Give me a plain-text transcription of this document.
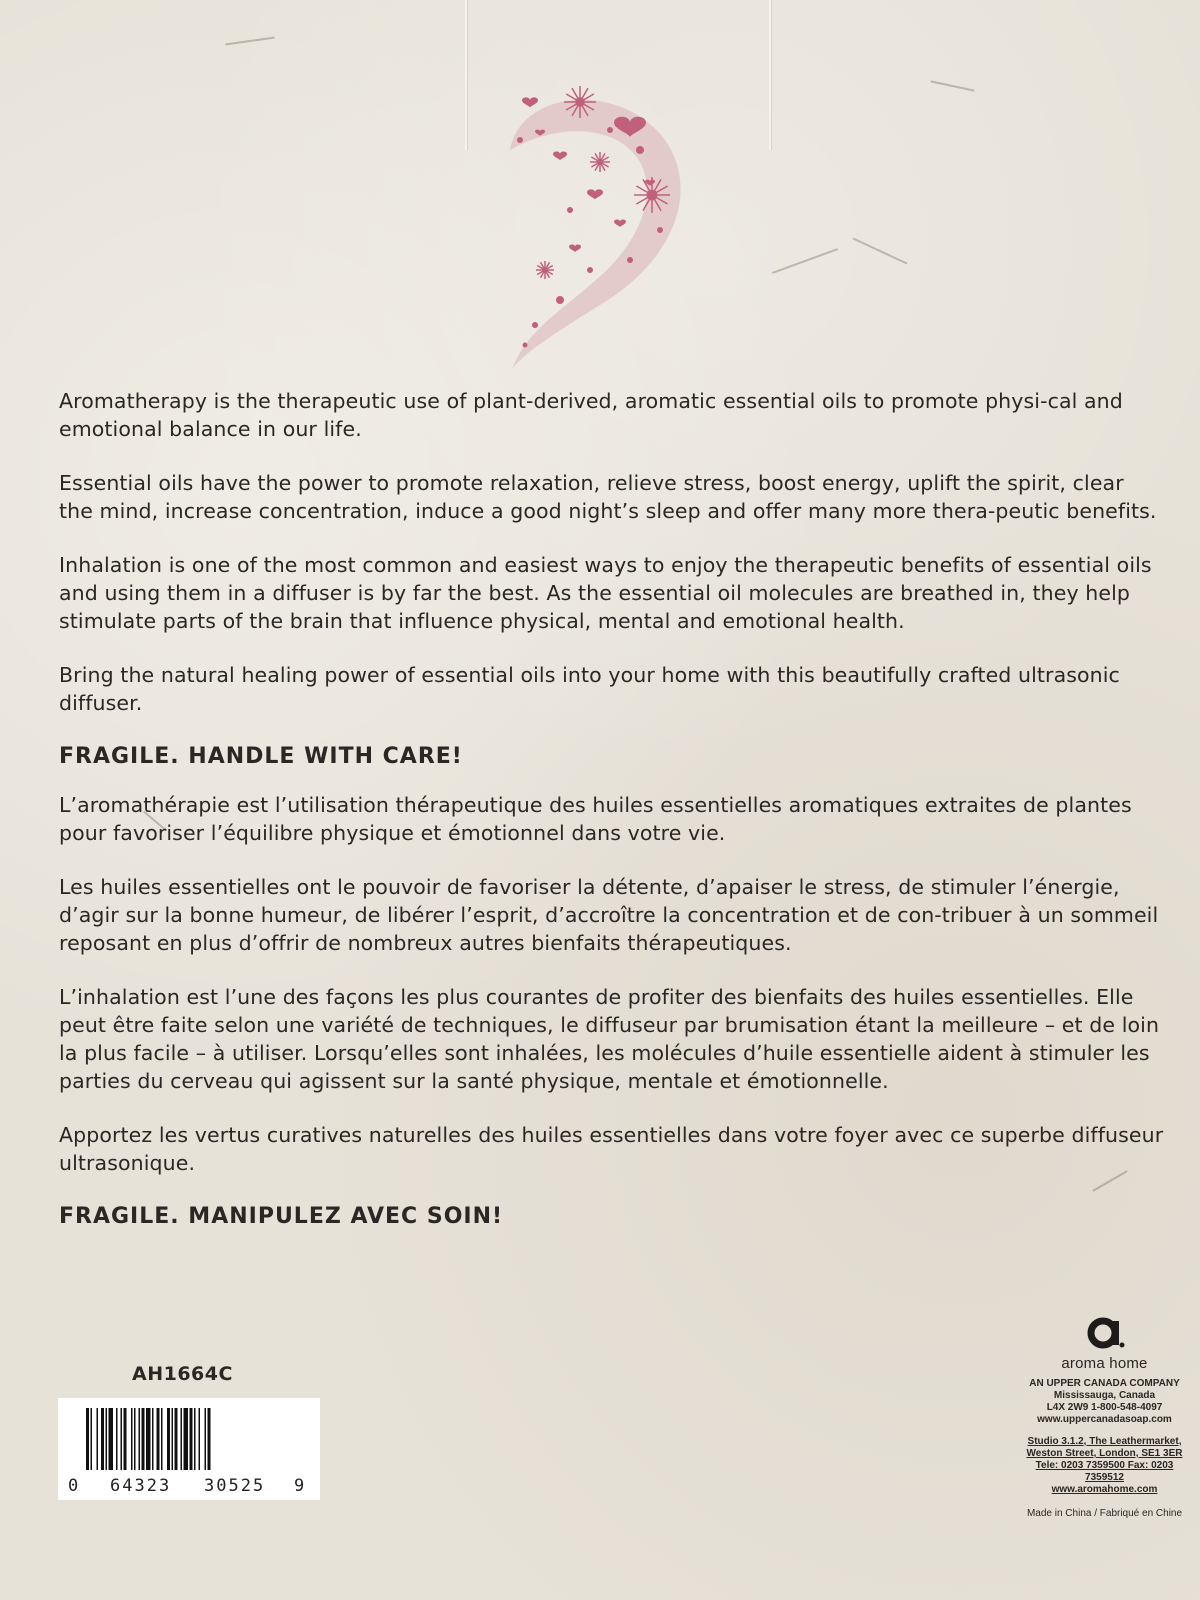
Aromatherapy is the therapeutic use of plant-derived, aromatic essential oils to promote physi-cal and emotional balance in our life.

Essential oils have the power to promote relaxation, relieve stress, boost energy, uplift the spirit, clear the mind, increase concentration, induce a good night’s sleep and offer many more thera-peutic benefits.

Inhalation is one of the most common and easiest ways to enjoy the therapeutic benefits of essential oils and using them in a diffuser is by far the best. As the essential oil molecules are breathed in, they help stimulate parts of the brain that influence physical, mental and emotional health.

Bring the natural healing power of essential oils into your home with this beautifully crafted ultrasonic diffuser.

FRAGILE. HANDLE WITH CARE!

L’aromathérapie est l’utilisation thérapeutique des huiles essentielles aromatiques extraites de plantes pour favoriser l’équilibre physique et émotionnel dans votre vie.

Les huiles essentielles ont le pouvoir de favoriser la détente, d’apaiser le stress, de stimuler l’énergie, d’agir sur la bonne humeur, de libérer l’esprit, d’accroître la concentration et de con-tribuer à un sommeil reposant en plus d’offrir de nombreux autres bienfaits thérapeutiques.

L’inhalation est l’une des façons les plus courantes de profiter des bienfaits des huiles essentielles. Elle peut être faite selon une variété de techniques, le diffuseur par brumisation étant la meilleure – et de loin la plus facile – à utiliser. Lorsqu’elles sont inhalées, les molécules d’huile essentielle aident à stimuler les parties du cerveau qui agissent sur la santé physique, mentale et émotionnelle.

Apportez les vertus curatives naturelles des huiles essentielles dans votre foyer avec ce superbe diffuseur ultrasonique.

FRAGILE. MANIPULEZ AVEC SOIN!
AH1664C
0 64323 30525 9
aroma home
AN UPPER CANADA COMPANY
Mississauga, Canada
L4X 2W9 1-800-548-4097
www.uppercanadasoap.com
Studio 3.1.2, The Leathermarket,
Weston Street, London, SE1 3ER
Tele: 0203 7359500 Fax: 0203 7359512
www.aromahome.com
Made in China / Fabriqué en Chine
